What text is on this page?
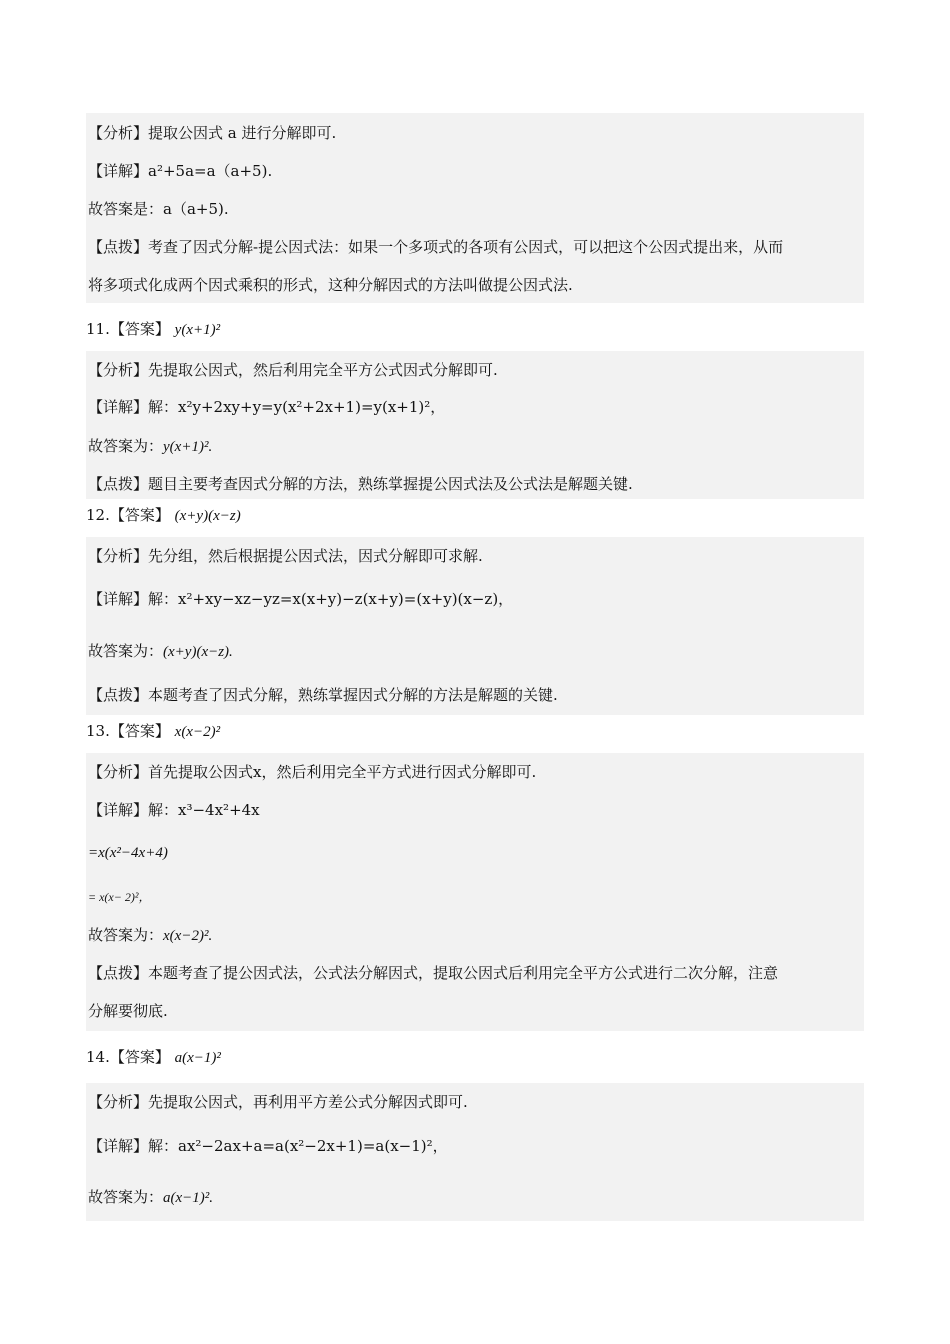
【分析】提取公因式 a 进行分解即可.
【详解】a²+5a=a（a+5).
故答案是：a（a+5).
【点拨】考查了因式分解-提公因式法：如果一个多项式的各项有公因式，可以把这个公因式提出来，从而
将多项式化成两个因式乘积的形式，这种分解因式的方法叫做提公因式法.
11.【答案】 y(x+1)²
【分析】先提取公因式，然后利用完全平方公式因式分解即可.
【详解】解：x²y+2xy+y=y(x²+2x+1)=y(x+1)²，
故答案为：y(x+1)².
【点拨】题目主要考查因式分解的方法，熟练掌握提公因式法及公式法是解题关键.
12.【答案】 (x+y)(x−z)
【分析】先分组，然后根据提公因式法，因式分解即可求解.
【详解】解：x²+xy−xz−yz=x(x+y)−z(x+y)=(x+y)(x−z)，
故答案为：(x+y)(x−z).
【点拨】本题考查了因式分解，熟练掌握因式分解的方法是解题的关键.
13.【答案】 x(x−2)²
【分析】首先提取公因式x，然后利用完全平方式进行因式分解即可.
【详解】解：x³−4x²+4x
=x(x²−4x+4)
= x(x− 2)²，
故答案为：x(x−2)².
【点拨】本题考查了提公因式法，公式法分解因式，提取公因式后利用完全平方公式进行二次分解，注意
分解要彻底.
14.【答案】 a(x−1)²
【分析】先提取公因式，再利用平方差公式分解因式即可.
【详解】解：ax²−2ax+a=a(x²−2x+1)=a(x−1)²，
故答案为：a(x−1)².
